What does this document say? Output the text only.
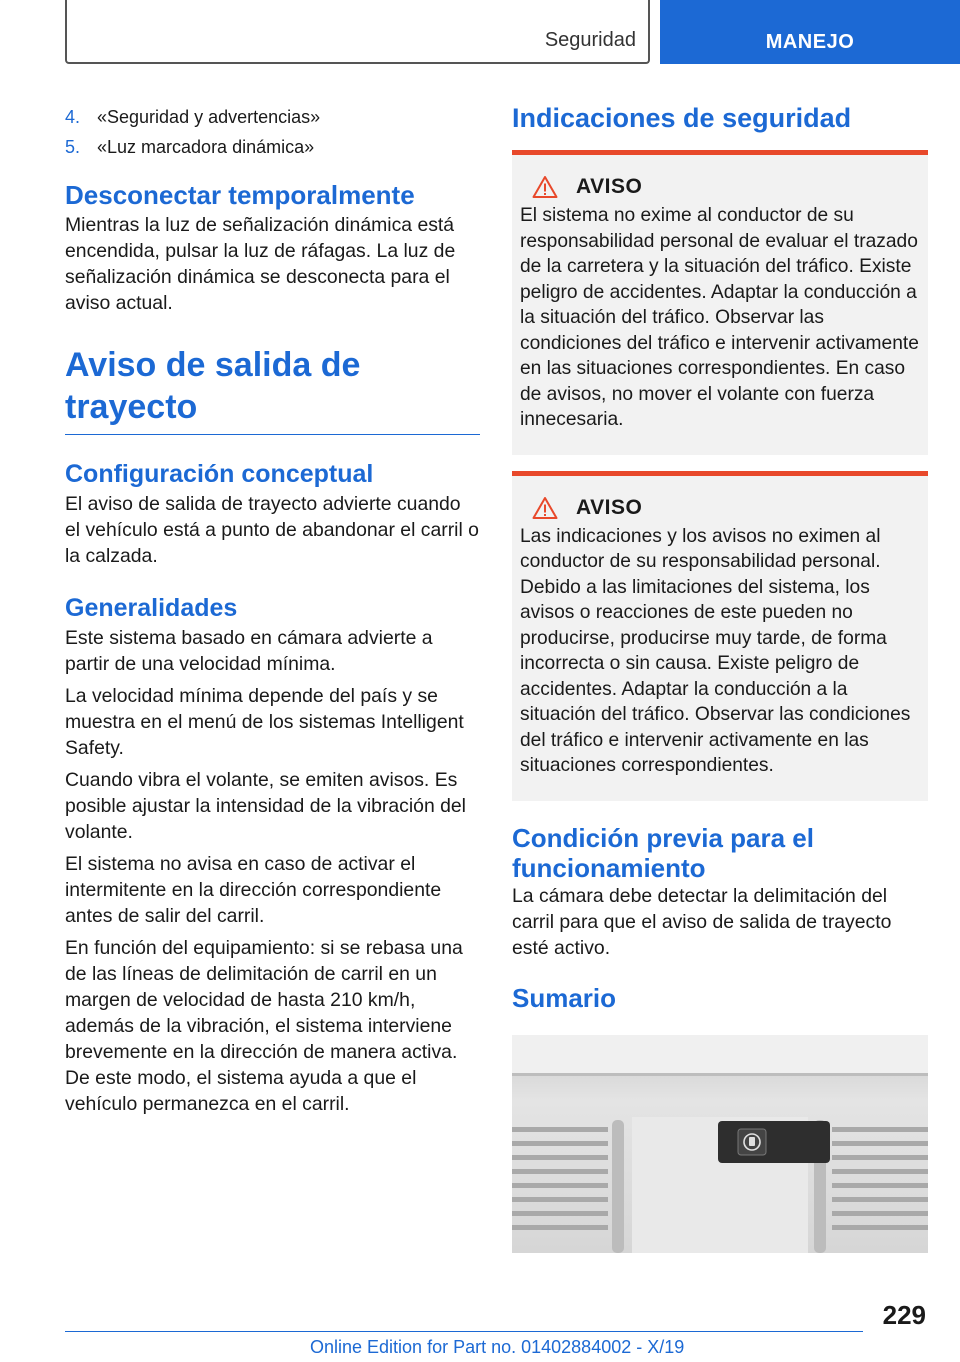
Seguridad	MANEJO
4. «Seguridad y advertencias»
5. «Luz marcadora dinámica»
Desconectar temporalmente

Mientras la luz de señalización dinámica está encendida, pulsar la luz de ráfagas. La luz de señalización dinámica se desconecta para el aviso actual.

Aviso de salida de trayecto
Configuración conceptual

El aviso de salida de trayecto advierte cuando el vehículo está a punto de abandonar el carril o la calzada.

Generalidades

Este sistema basado en cámara advierte a partir de una velocidad mínima.

La velocidad mínima depende del país y se muestra en el menú de los sistemas Intelligent Safety.

Cuando vibra el volante, se emiten avisos. Es posible ajustar la intensidad de la vibración del volante.

El sistema no avisa en caso de activar el intermitente en la dirección correspondiente antes de salir del carril.

En función del equipamiento: si se rebasa una de las líneas de delimitación de carril en un margen de velocidad de hasta 210 km/h, además de la vibración, el sistema interviene brevemente en la dirección de manera activa. De este modo, el sistema ayuda a que el vehículo permanezca en el carril.

Indicaciones de seguridad
AVISO

El sistema no exime al conductor de su responsabilidad personal de evaluar el trazado de la carretera y la situación del tráfico. Existe peligro de accidentes. Adaptar la conducción a la situación del tráfico. Observar las condiciones del tráfico e intervenir activamente en las situaciones correspondientes. En caso de avisos, no mover el volante con fuerza innecesaria.

AVISO

Las indicaciones y los avisos no eximen al conductor de su responsabilidad personal. Debido a las limitaciones del sistema, los avisos o reacciones de este pueden no producirse, producirse muy tarde, de forma incorrecta o sin causa. Existe peligro de accidentes. Adaptar la conducción a la situación del tráfico. Observar las condiciones del tráfico e intervenir activamente en las situaciones correspondientes.

Condición previa para el funcionamiento

La cámara debe detectar la delimitación del carril para que el aviso de salida de trayecto esté activo.

Sumario
229
Online Edition for Part no. 01402884002 - X/19
